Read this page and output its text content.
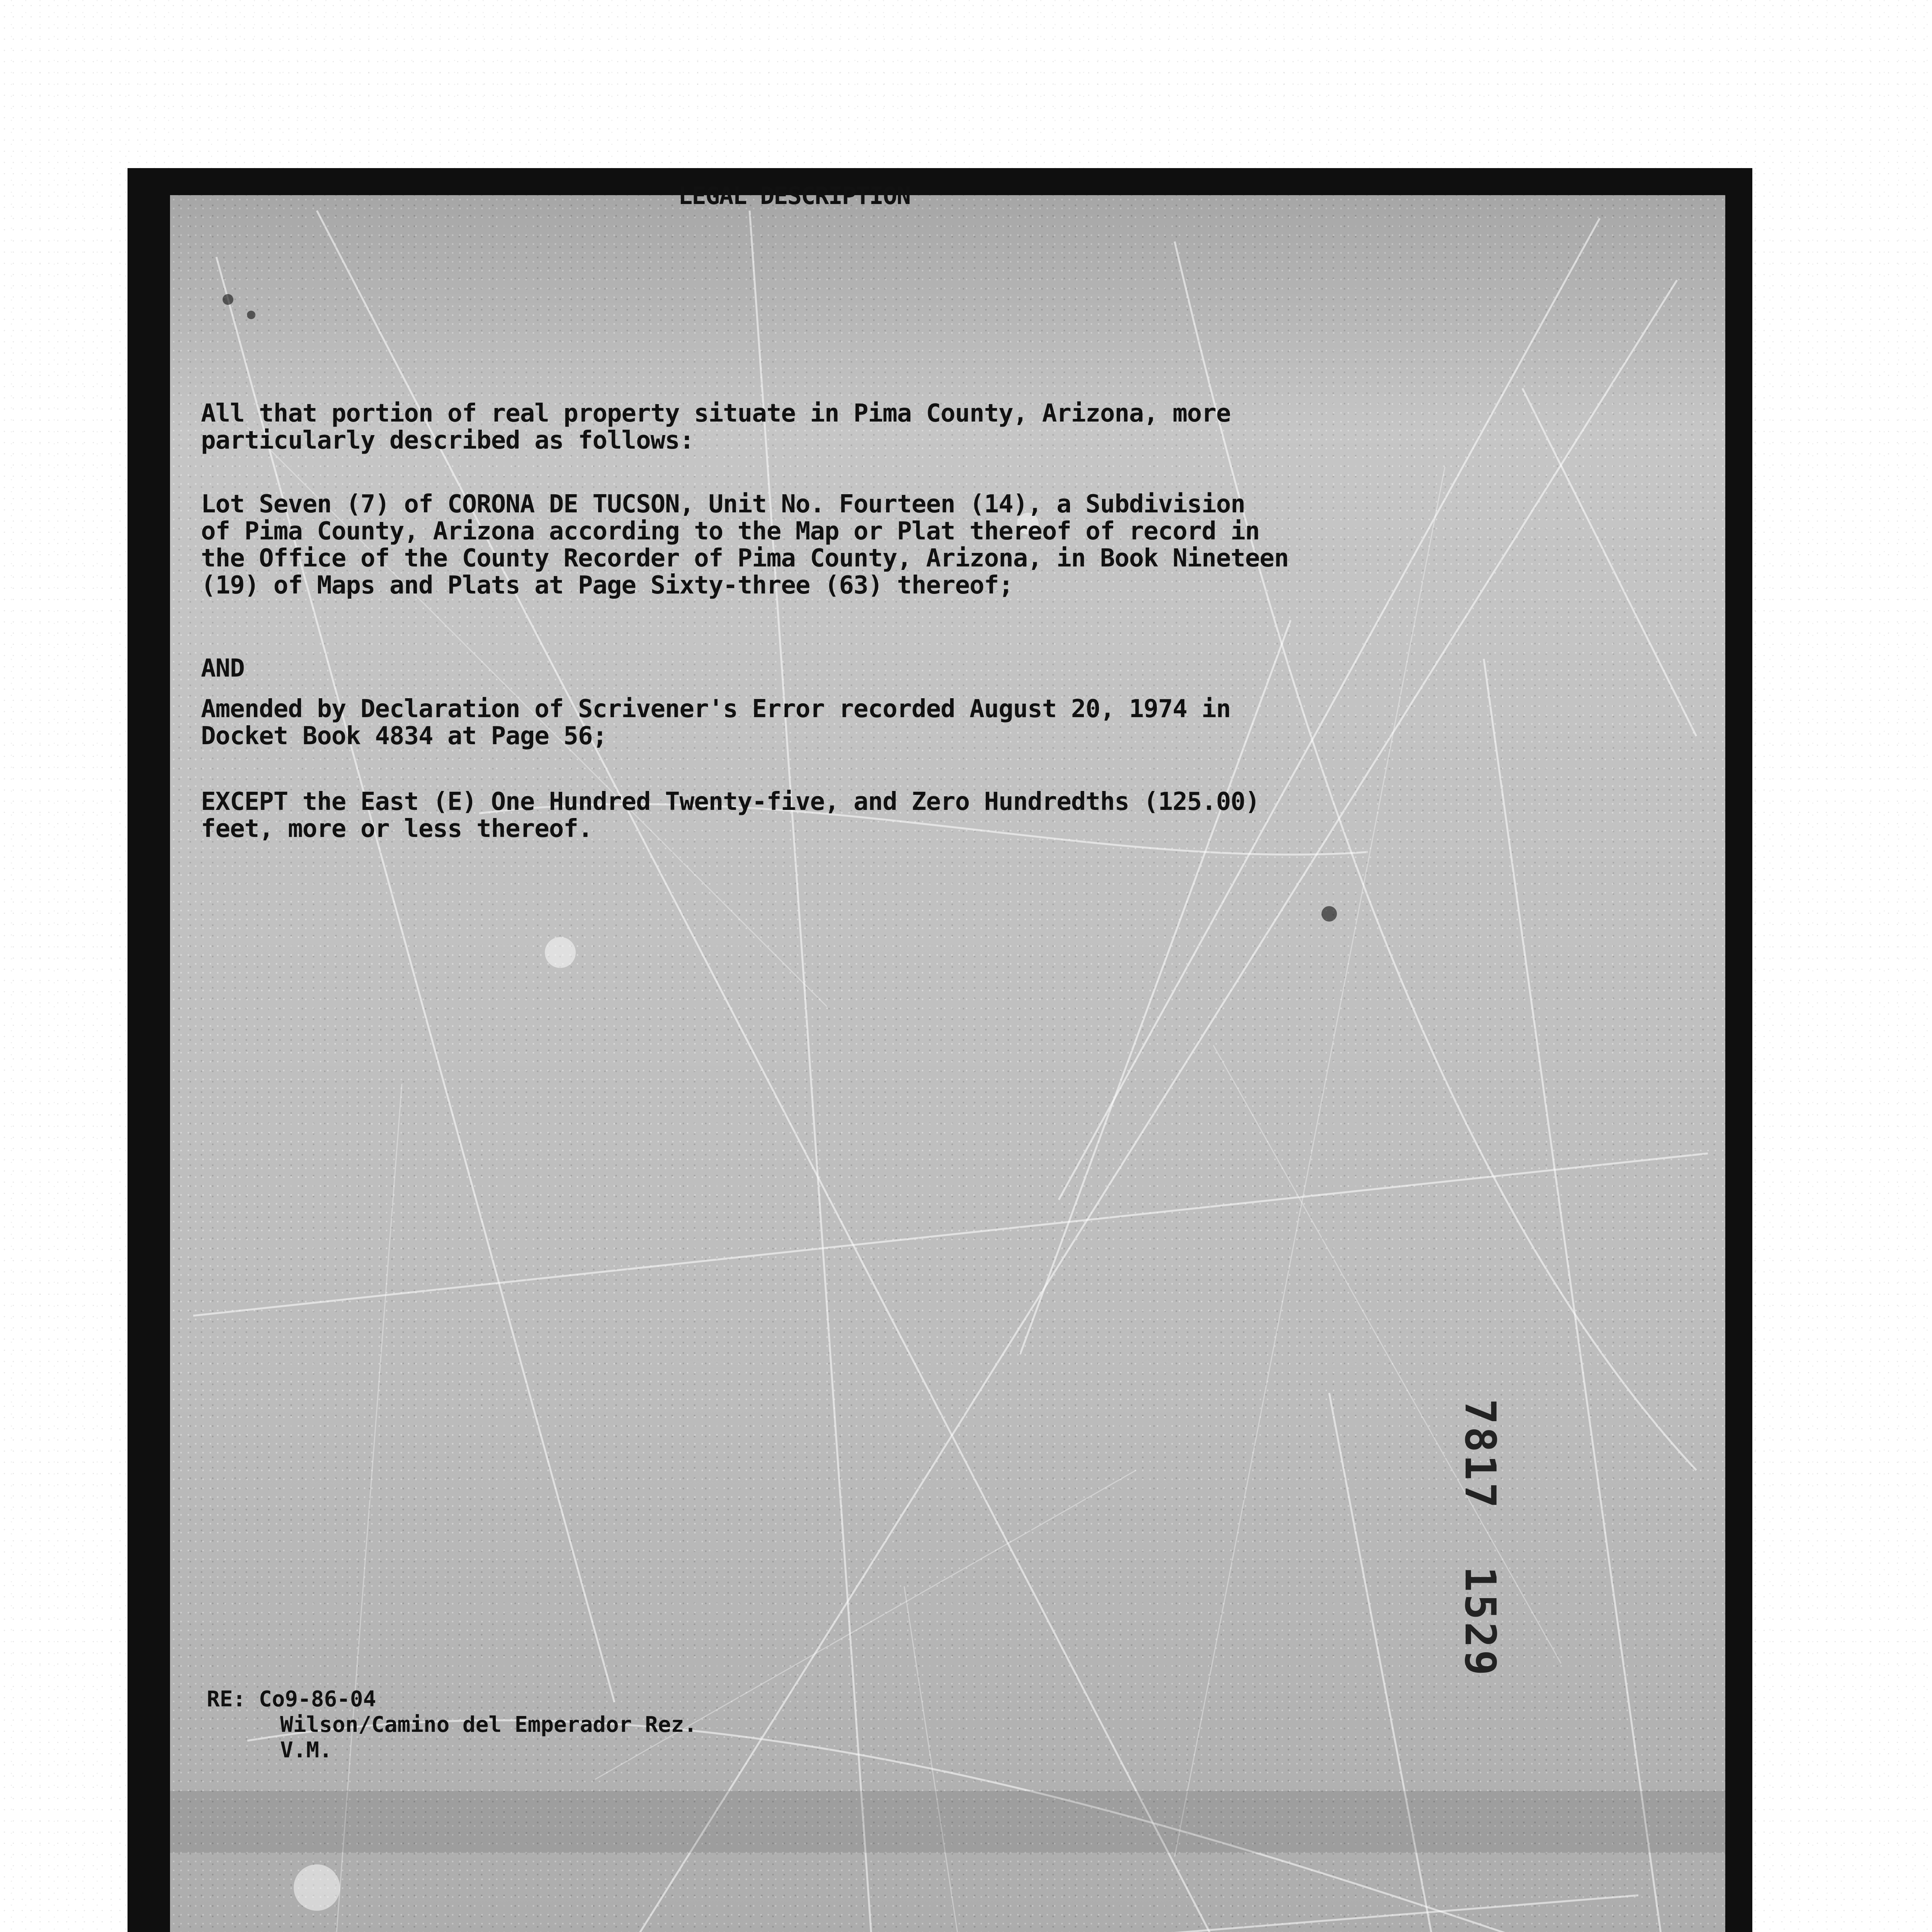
LEGAL DESCRIPTION

All that portion of real property situate in Pima County, Arizona, more
particularly described as follows:

Lot Seven (7) of CORONA DE TUCSON, Unit No. Fourteen (14), a Subdivision
of Pima County, Arizona according to the Map or Plat thereof of record in
the Office of the County Recorder of Pima County, Arizona, in Book Nineteen
(19) of Maps and Plats at Page Sixty-three (63) thereof;

AND

Amended by Declaration of Scrivener's Error recorded August 20, 1974 in
Docket Book 4834 at Page 56;

EXCEPT the East (E) One Hundred Twenty-five, and Zero Hundredths (125.00)
feet, more or less thereof.

RE: Co9-86-04
Wilson/Camino del Emperador Rez.
V.M.
7817  1529
